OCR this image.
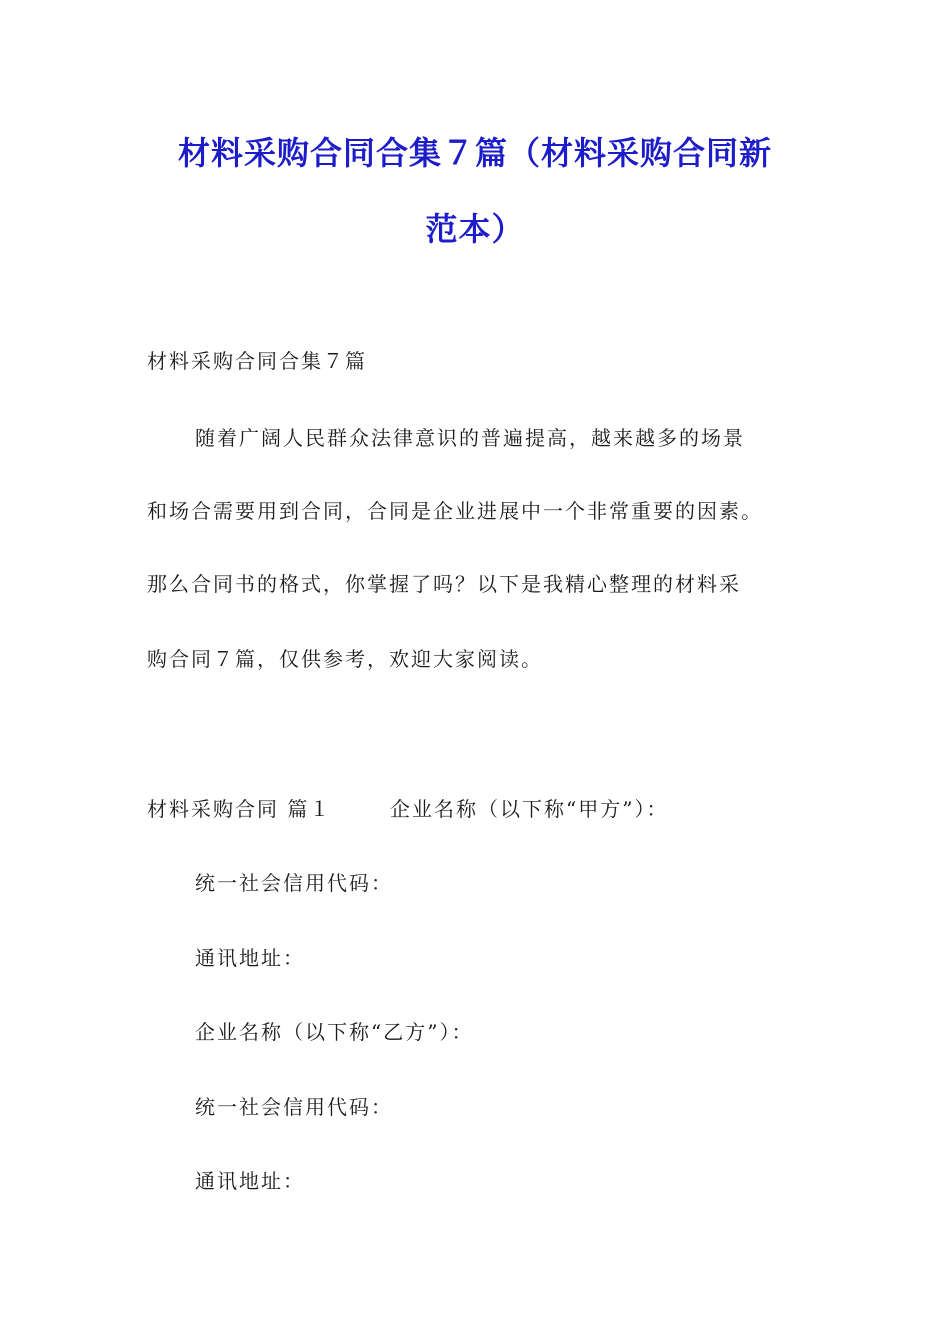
材料采购合同合集７篇（材料采购合同新
范本）
材料采购合同合集７篇
随着广阔人民群众法律意识的普遍提高，越来越多的场景
和场合需要用到合同，合同是企业进展中一个非常重要的因素。
那么合同书的格式，你掌握了吗？以下是我精心整理的材料采
购合同７篇，仅供参考，欢迎大家阅读。
材料采购合同 篇１	企业名称（以下称“甲方”）：
统一社会信用代码：
通讯地址：
企业名称（以下称“乙方”）：
统一社会信用代码：
通讯地址：
